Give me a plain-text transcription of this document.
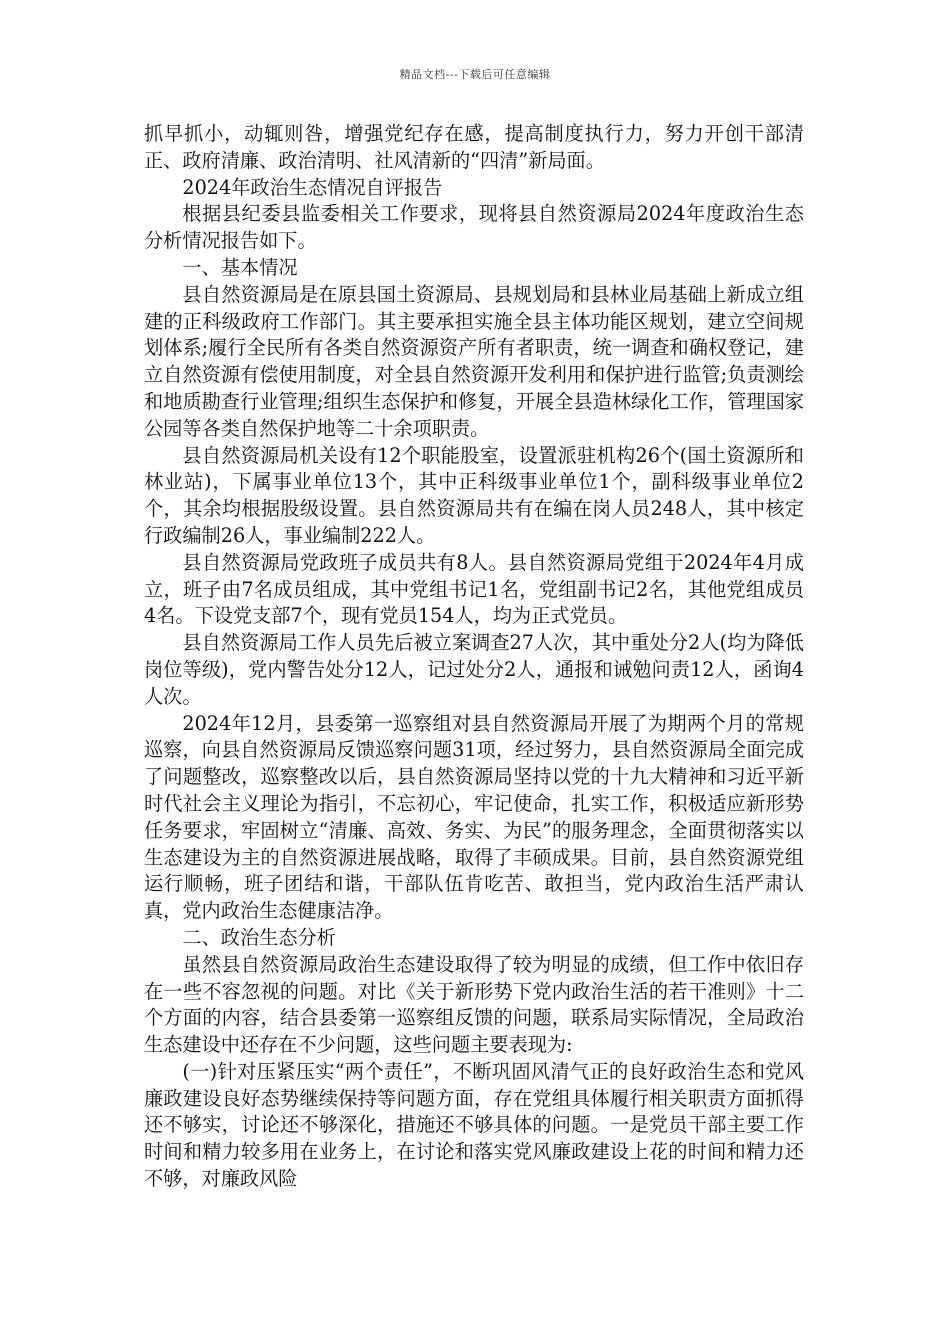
精品文档---下载后可任意编辑

抓早抓小，动辄则咎，增强党纪存在感，提高制度执行力，努力开创干部清正、政府清廉、政治清明、社风清新的“四清”新局面。

2024年政治生态情况自评报告

根据县纪委县监委相关工作要求，现将县自然资源局2024年度政治生态分析情况报告如下。

一、基本情况

县自然资源局是在原县国土资源局、县规划局和县林业局基础上新成立组建的正科级政府工作部门。其主要承担实施全县主体功能区规划，建立空间规划体系;履行全民所有各类自然资源资产所有者职责，统一调查和确权登记，建立自然资源有偿使用制度，对全县自然资源开发利用和保护进行监管;负责测绘和地质勘查行业管理;组织生态保护和修复，开展全县造林绿化工作，管理国家公园等各类自然保护地等二十余项职责。

县自然资源局机关设有12个职能股室，设置派驻机构26个(国土资源所和林业站)，下属事业单位13个，其中正科级事业单位1个，副科级事业单位2个，其余均根据股级设置。县自然资源局共有在编在岗人员248人，其中核定行政编制26人，事业编制222人。

县自然资源局党政班子成员共有8人。县自然资源局党组于2024年4月成立，班子由7名成员组成，其中党组书记1名，党组副书记2名，其他党组成员4名。下设党支部7个，现有党员154人，均为正式党员。

县自然资源局工作人员先后被立案调查27人次，其中重处分2人(均为降低岗位等级)，党内警告处分12人，记过处分2人，通报和诫勉问责12人，函询4人次。

2024年12月，县委第一巡察组对县自然资源局开展了为期两个月的常规巡察，向县自然资源局反馈巡察问题31项，经过努力，县自然资源局全面完成了问题整改，巡察整改以后，县自然资源局坚持以党的十九大精神和习近平新时代社会主义理论为指引，不忘初心，牢记使命，扎实工作，积极适应新形势任务要求，牢固树立“清廉、高效、务实、为民”的服务理念，全面贯彻落实以生态建设为主的自然资源进展战略，取得了丰硕成果。目前，县自然资源党组运行顺畅，班子团结和谐，干部队伍肯吃苦、敢担当，党内政治生活严肃认真，党内政治生态健康洁净。

二、政治生态分析

虽然县自然资源局政治生态建设取得了较为明显的成绩，但工作中依旧存在一些不容忽视的问题。对比《关于新形势下党内政治生活的若干准则》十二个方面的内容，结合县委第一巡察组反馈的问题，联系局实际情况，全局政治生态建设中还存在不少问题，这些问题主要表现为:

(一)针对压紧压实“两个责任”，不断巩固风清气正的良好政治生态和党风廉政建设良好态势继续保持等问题方面，存在党组具体履行相关职责方面抓得还不够实，讨论还不够深化，措施还不够具体的问题。一是党员干部主要工作时间和精力较多用在业务上，在讨论和落实党风廉政建设上花的时间和精力还不够，对廉政风险
